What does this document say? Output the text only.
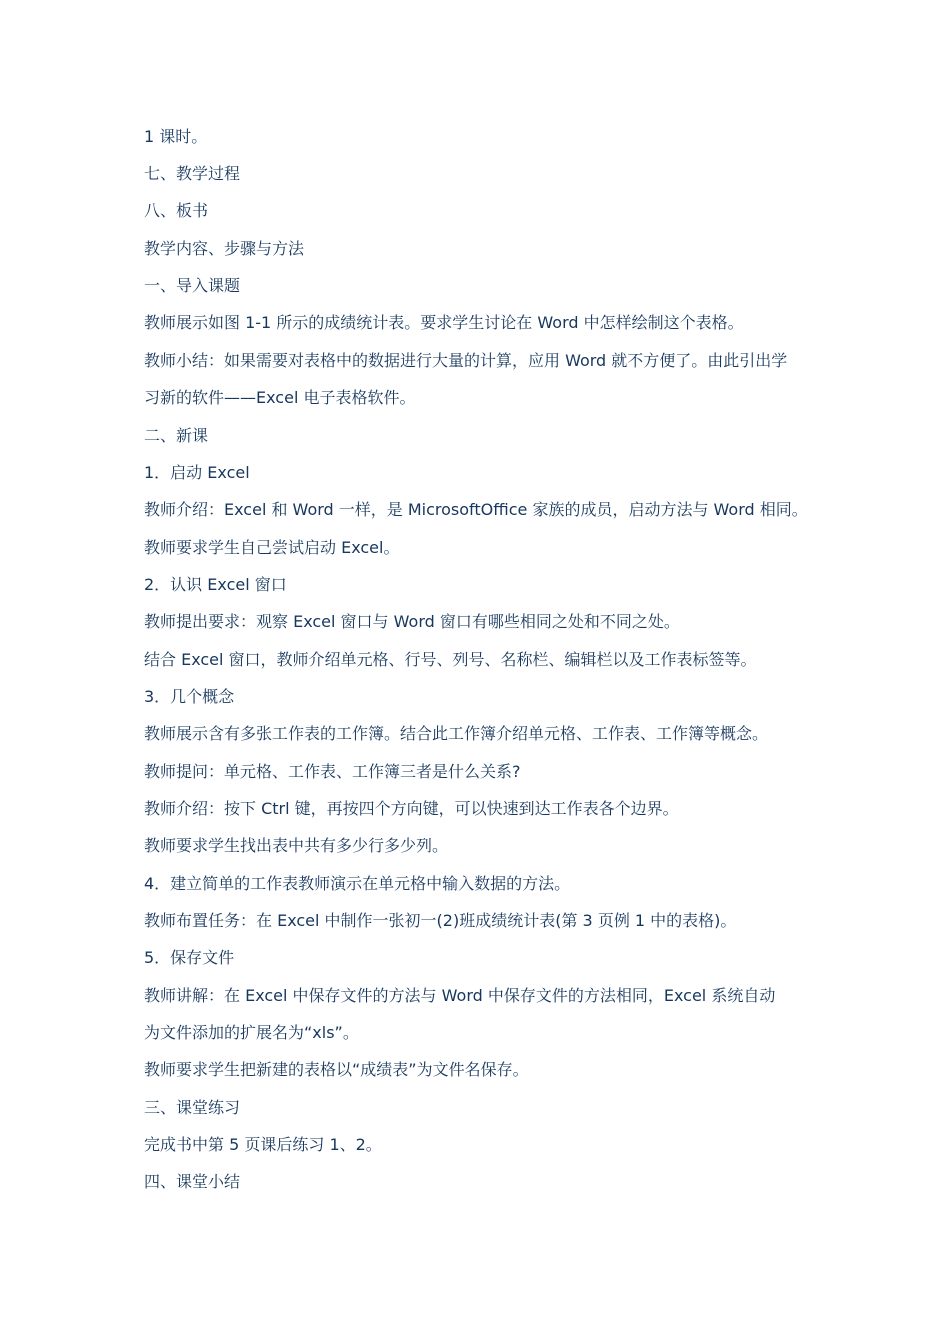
1 课时。
七、教学过程
八、板书
教学内容、步骤与方法
一、导入课题
教师展示如图 1-1 所示的成绩统计表。要求学生讨论在 Word 中怎样绘制这个表格。
教师小结：如果需要对表格中的数据进行大量的计算，应用 Word 就不方便了。由此引出学
习新的软件——Excel 电子表格软件。
二、新课
1．启动 Excel
教师介绍：Excel 和 Word 一样，是 MicrosoftOffice 家族的成员，启动方法与 Word 相同。
教师要求学生自己尝试启动 Excel。
2．认识 Excel 窗口
教师提出要求：观察 Excel 窗口与 Word 窗口有哪些相同之处和不同之处。
结合 Excel 窗口，教师介绍单元格、行号、列号、名称栏、编辑栏以及工作表标签等。
3．几个概念
教师展示含有多张工作表的工作簿。结合此工作簿介绍单元格、工作表、工作簿等概念。
教师提问：单元格、工作表、工作簿三者是什么关系?
教师介绍：按下 Ctrl 键，再按四个方向键，可以快速到达工作表各个边界。
教师要求学生找出表中共有多少行多少列。
4．建立简单的工作表教师演示在单元格中输入数据的方法。
教师布置任务：在 Excel 中制作一张初一(2)班成绩统计表(第 3 页例 1 中的表格)。
5．保存文件
教师讲解：在 Excel 中保存文件的方法与 Word 中保存文件的方法相同，Excel 系统自动
为文件添加的扩展名为“xls”。
教师要求学生把新建的表格以“成绩表”为文件名保存。
三、课堂练习
完成书中第 5 页课后练习 1、2。
四、课堂小结
